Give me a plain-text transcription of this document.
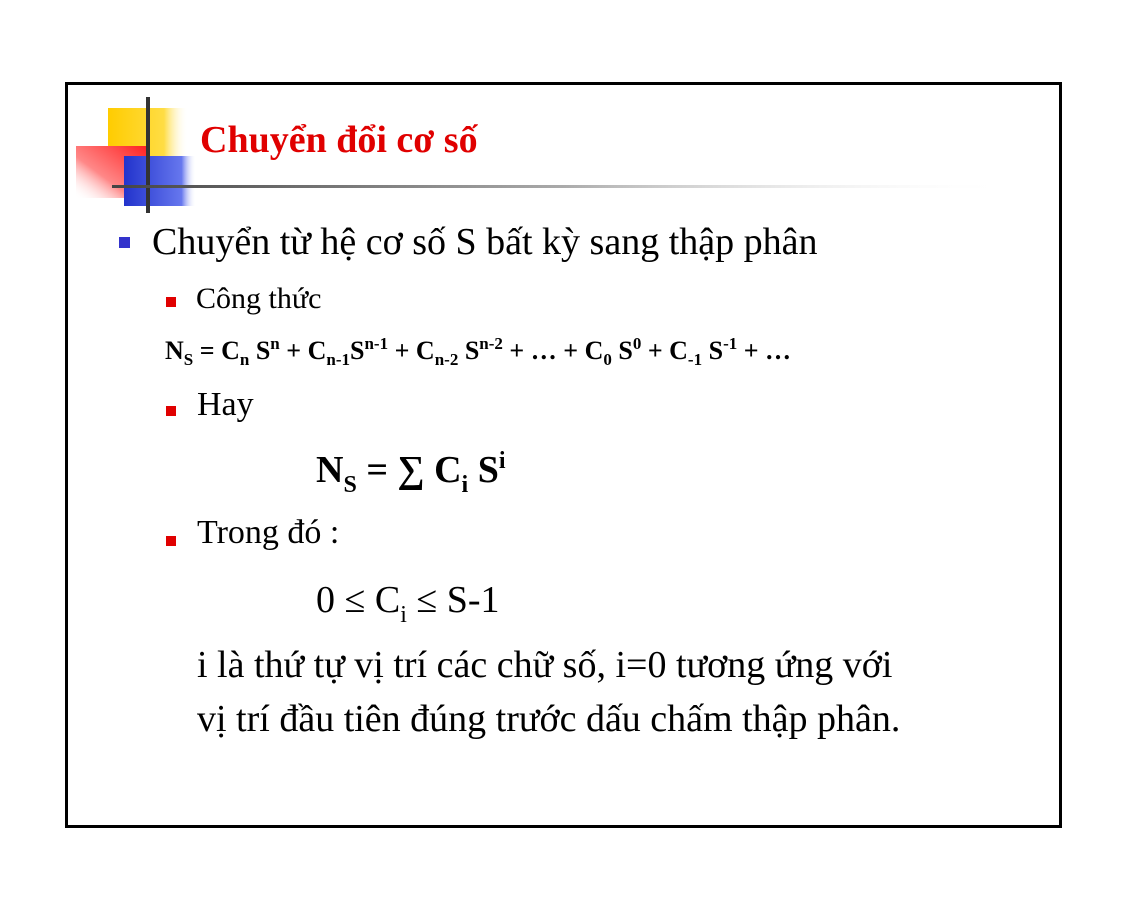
Chuyển đổi cơ số
Chuyển từ hệ cơ số S bất kỳ sang thập phân
Công thức
$N_S = C_n$ $S^n + C_{n-1}S^{n-1} + C_{n-2}$ $S^{n-2}$ + … + $C_0$ $S^0 + C_{-1}$ $S^{-1}$ + …
Hay
$N_S$ = ∑ $C_i$ $S^i$
Trong đó :
$0 \le C_i \le S-1$
i là thứ tự vị trí các chữ số, i=0 tương ứng với
vị trí đầu tiên đúng trước dấu chấm thập phân.
